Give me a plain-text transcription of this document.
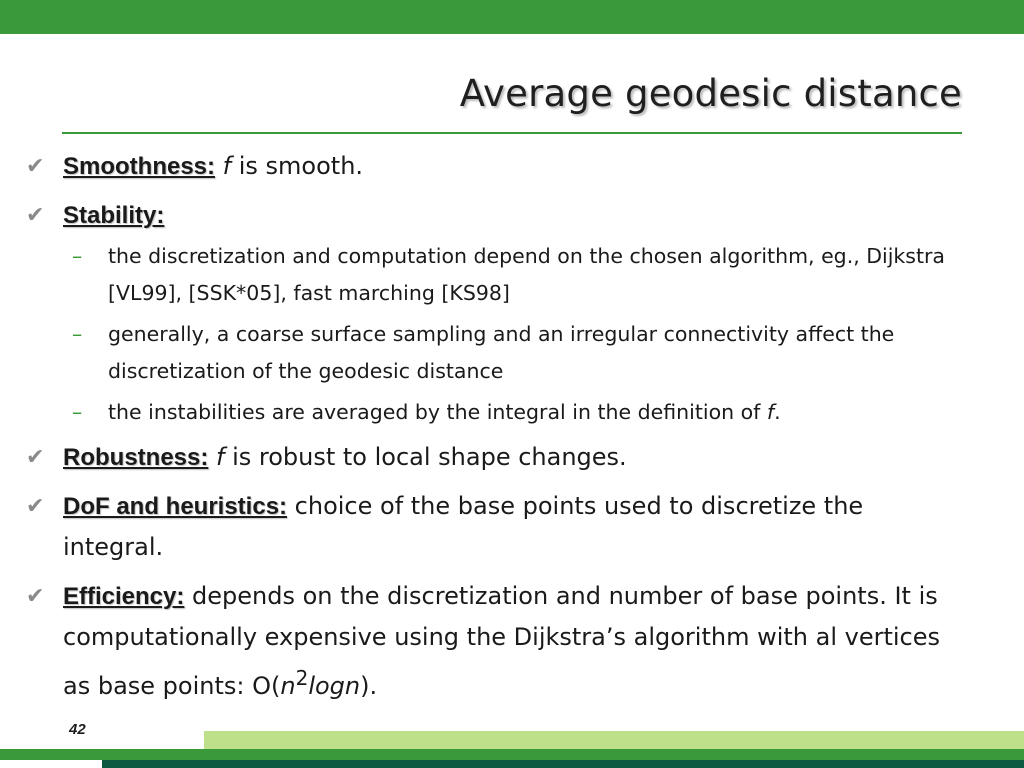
Average geodesic distance
✔ Smoothness: f is smooth.
✔ Stability:
– the discretization and computation depend on the chosen algorithm, eg., Dijkstra [VL99], [SSK*05], fast marching [KS98]
– generally, a coarse surface sampling and an irregular connectivity affect the discretization of the geodesic distance
– the instabilities are averaged by the integral in the definition of f.
✔ Robustness: f is robust to local shape changes.
✔ DoF and heuristics: choice of the base points used to discretize the integral.
✔ Efficiency: depends on the discretization and number of base points. It is computationally expensive using the Dijkstra’s algorithm with al vertices as base points: $O(n^2\log n)$.
42
